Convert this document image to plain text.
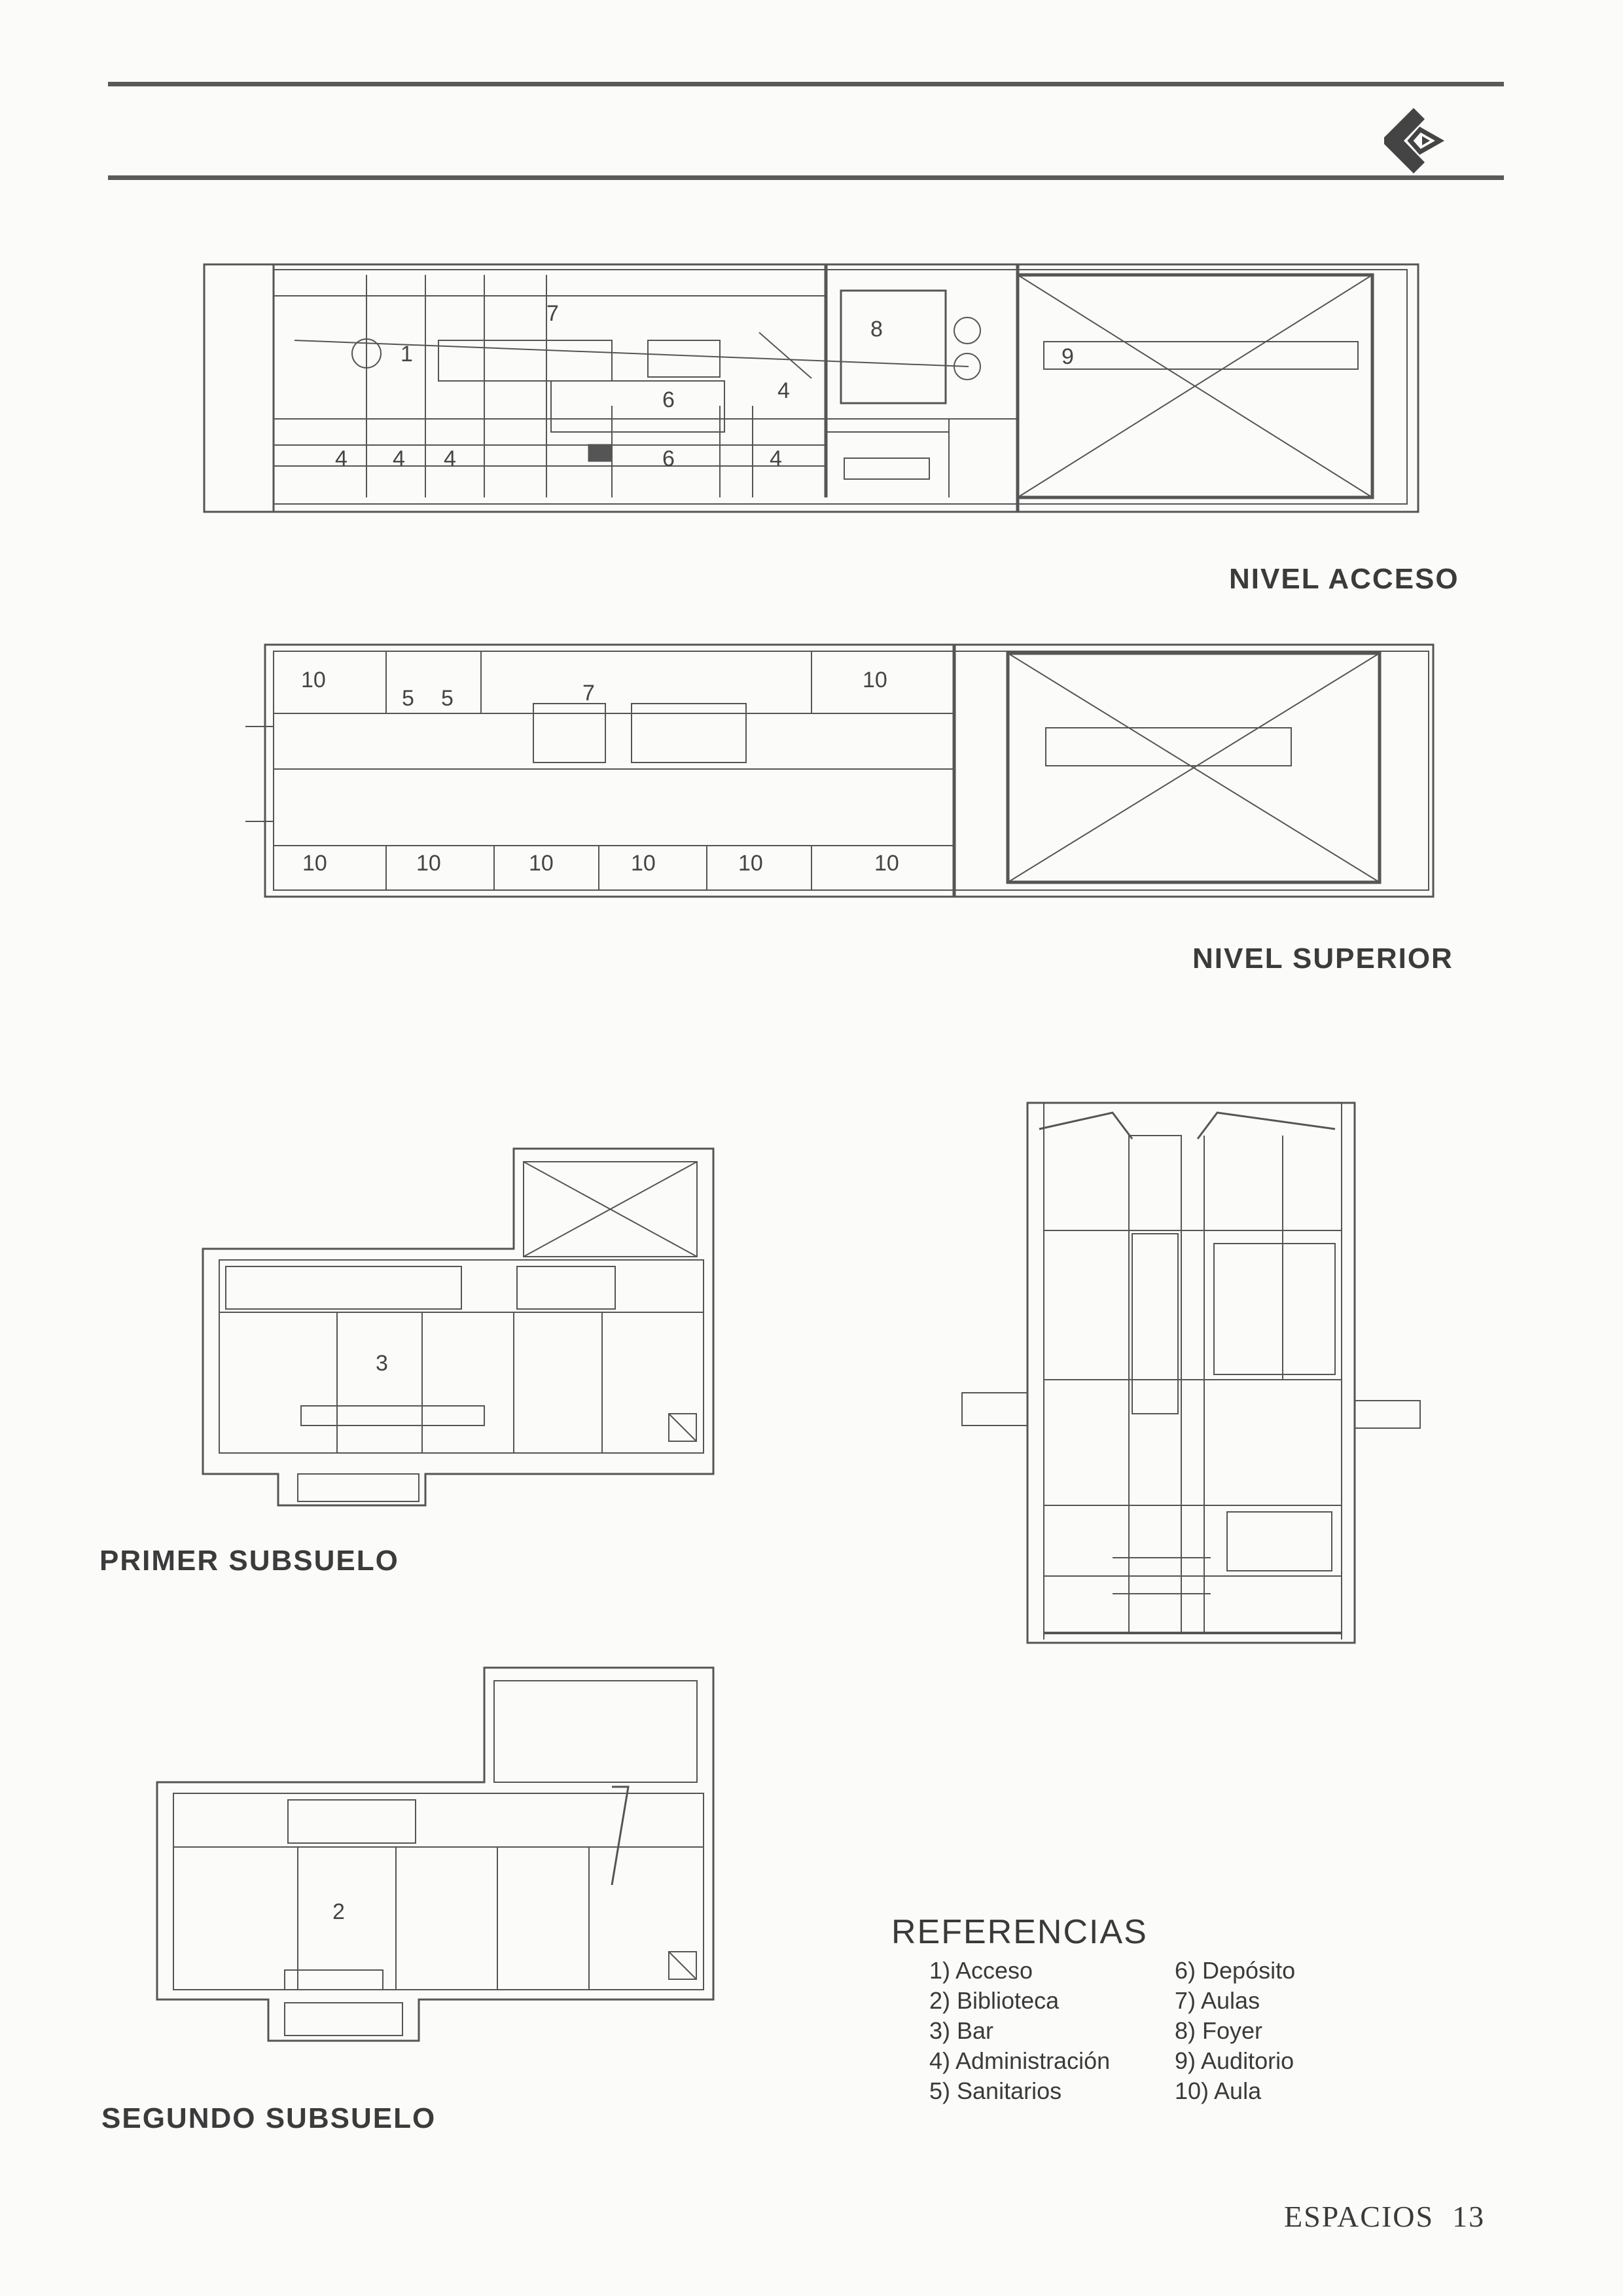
1
7
8
9
6	4
4 4 4	6	4
10
5 5	7
10
10	10	10	10	10	10
3
2
NIVEL ACCESO
NIVEL SUPERIOR
PRIMER SUBSUELO
SEGUNDO SUBSUELO
REFERENCIAS
1) Acceso
2) Biblioteca
3) Bar
4) Administración
5) Sanitarios
6) Depósito
7) Aulas
8) Foyer
9) Auditorio
10) Aula
ESPACIOS 13
